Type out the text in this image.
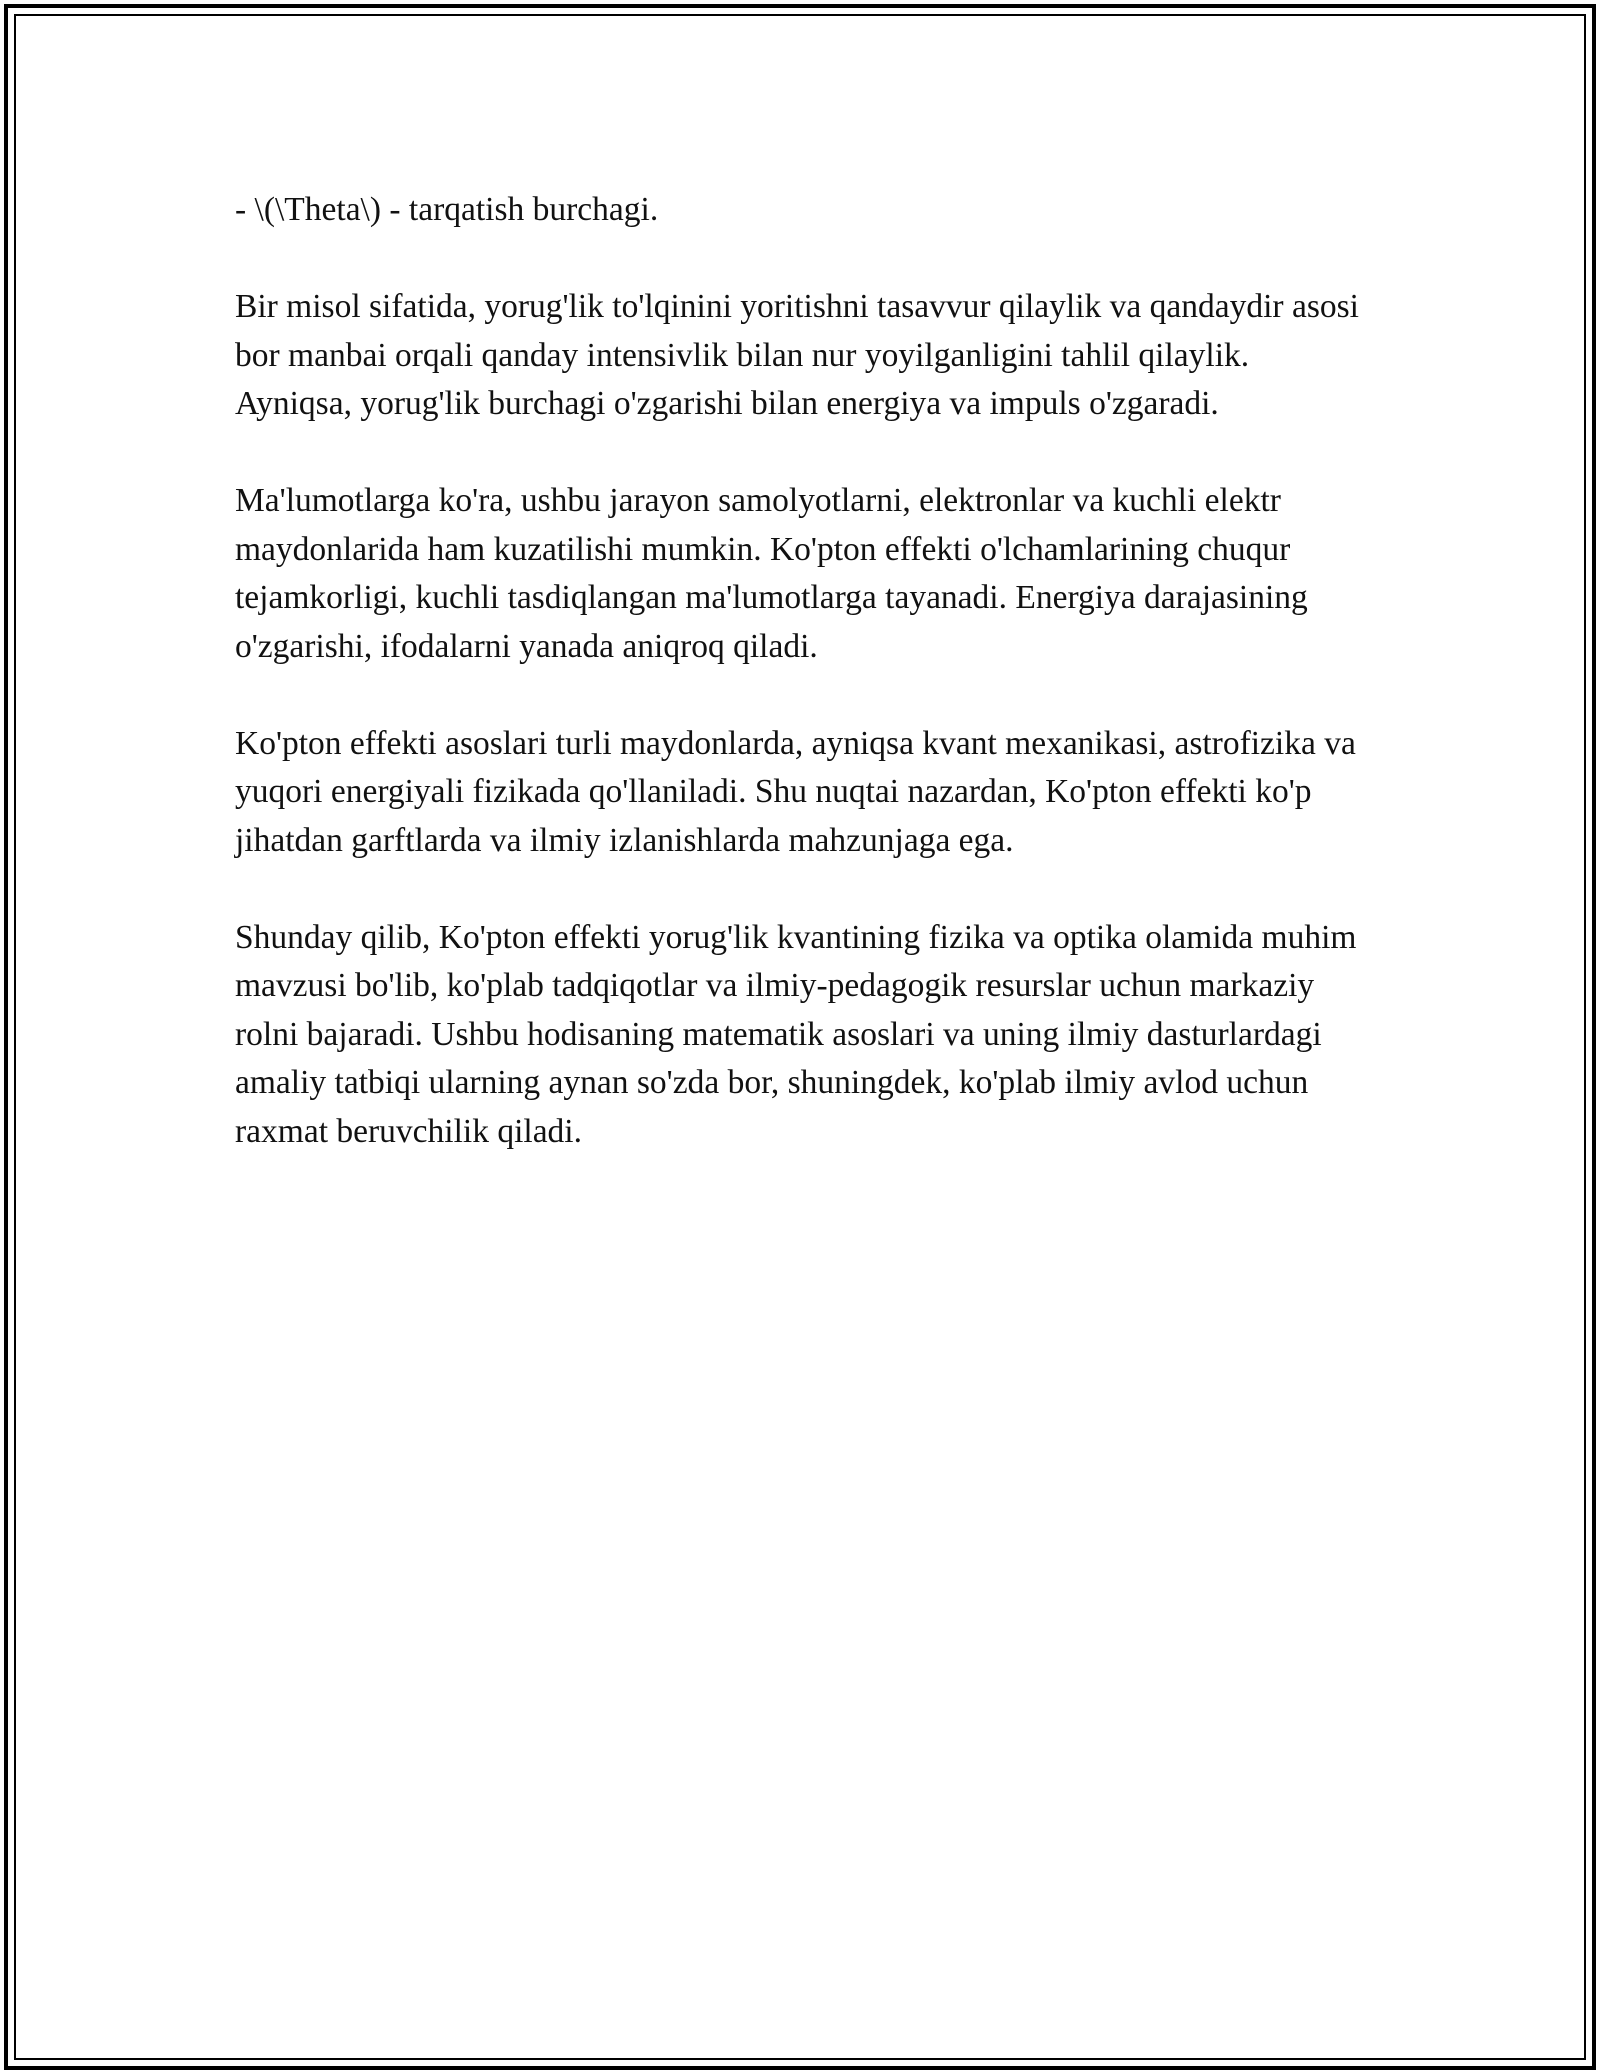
- \(\Theta\) - tarqatish burchagi.

Bir misol sifatida, yorug'lik to'lqinini yoritishni tasavvur qilaylik va qandaydir asosi bor manbai orqali qanday intensivlik bilan nur yoyilganligini tahlil qilaylik. Ayniqsa, yorug'lik burchagi o'zgarishi bilan energiya va impuls o'zgaradi.

Ma'lumotlarga ko'ra, ushbu jarayon samolyotlarni, elektronlar va kuchli elektr maydonlarida ham kuzatilishi mumkin. Ko'pton effekti o'lchamlarining chuqur tejamkorligi, kuchli tasdiqlangan ma'lumotlarga tayanadi. Energiya darajasining o'zgarishi, ifodalarni yanada aniqroq qiladi.

Ko'pton effekti asoslari turli maydonlarda, ayniqsa kvant mexanikasi, astrofizika va yuqori energiyali fizikada qo'llaniladi. Shu nuqtai nazardan, Ko'pton effekti ko'p jihatdan garftlarda va ilmiy izlanishlarda mahzunjaga ega.

Shunday qilib, Ko'pton effekti yorug'lik kvantining fizika va optika olamida muhim mavzusi bo'lib, ko'plab tadqiqotlar va ilmiy-pedagogik resurslar uchun markaziy rolni bajaradi. Ushbu hodisaning matematik asoslari va uning ilmiy dasturlardagi amaliy tatbiqi ularning aynan so'zda bor, shuningdek, ko'plab ilmiy avlod uchun raxmat beruvchilik qiladi.
